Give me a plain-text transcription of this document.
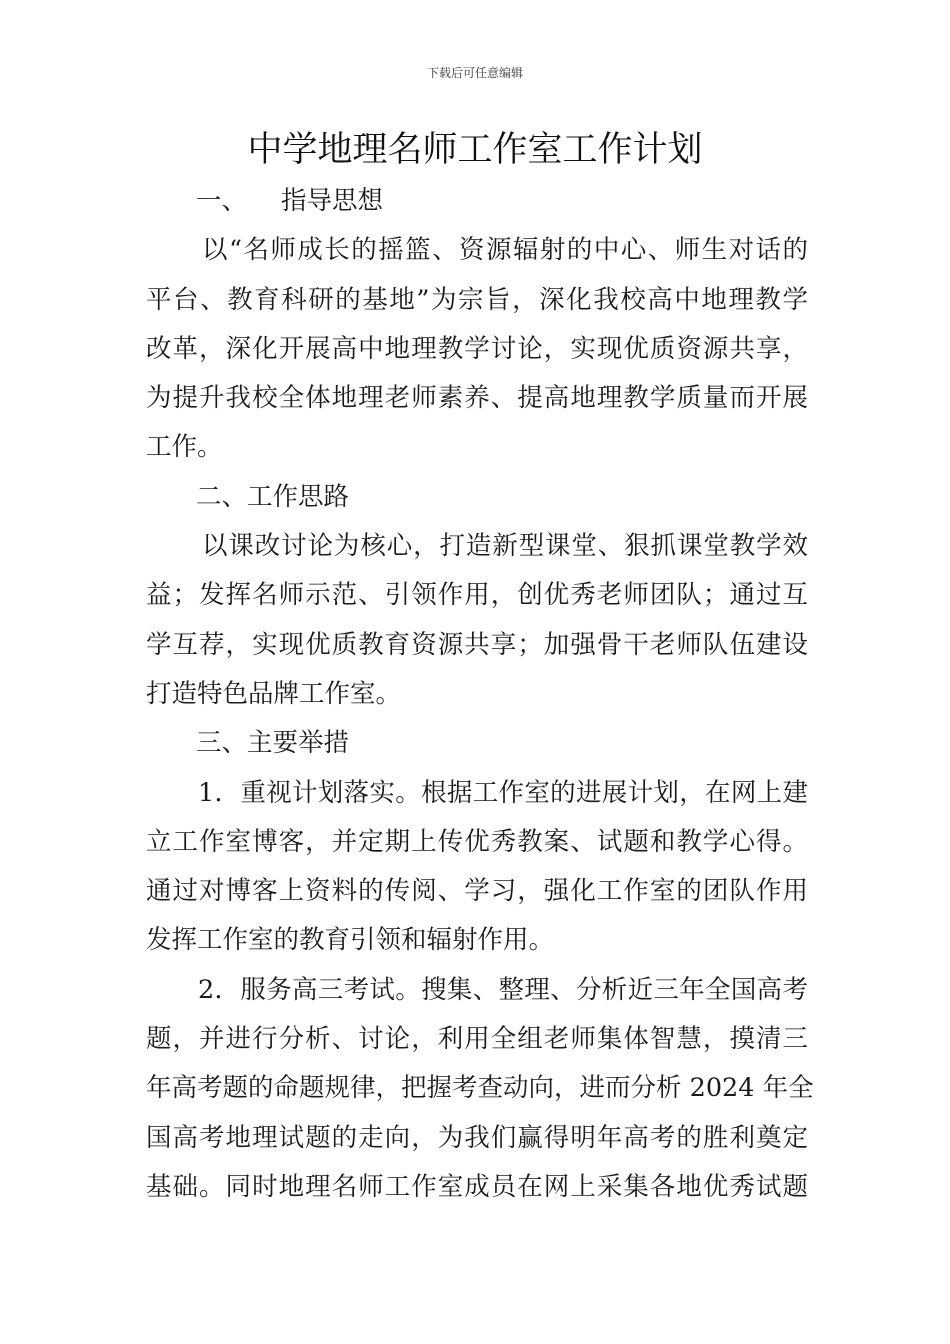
下载后可任意编辑
中学地理名师工作室工作计划
一、 指导思想
以“名师成长的摇篮、资源辐射的中心、师生对话的
平台、教育科研的基地”为宗旨，深化我校高中地理教学
改革，深化开展高中地理教学讨论，实现优质资源共享，
为提升我校全体地理老师素养、提高地理教学质量而开展
工作。
二、工作思路
以课改讨论为核心，打造新型课堂、狠抓课堂教学效
益；发挥名师示范、引领作用，创优秀老师团队；通过互
学互荐，实现优质教育资源共享；加强骨干老师队伍建设
打造特色品牌工作室。
三、主要举措
1．重视计划落实。根据工作室的进展计划，在网上建
立工作室博客，并定期上传优秀教案、试题和教学心得。
通过对博客上资料的传阅、学习，强化工作室的团队作用
发挥工作室的教育引领和辐射作用。
2．服务高三考试。搜集、整理、分析近三年全国高考
题，并进行分析、讨论，利用全组老师集体智慧，摸清三
年高考题的命题规律，把握考查动向，进而分析 2024 年全
国高考地理试题的走向，为我们赢得明年高考的胜利奠定
基础。同时地理名师工作室成员在网上采集各地优秀试题
